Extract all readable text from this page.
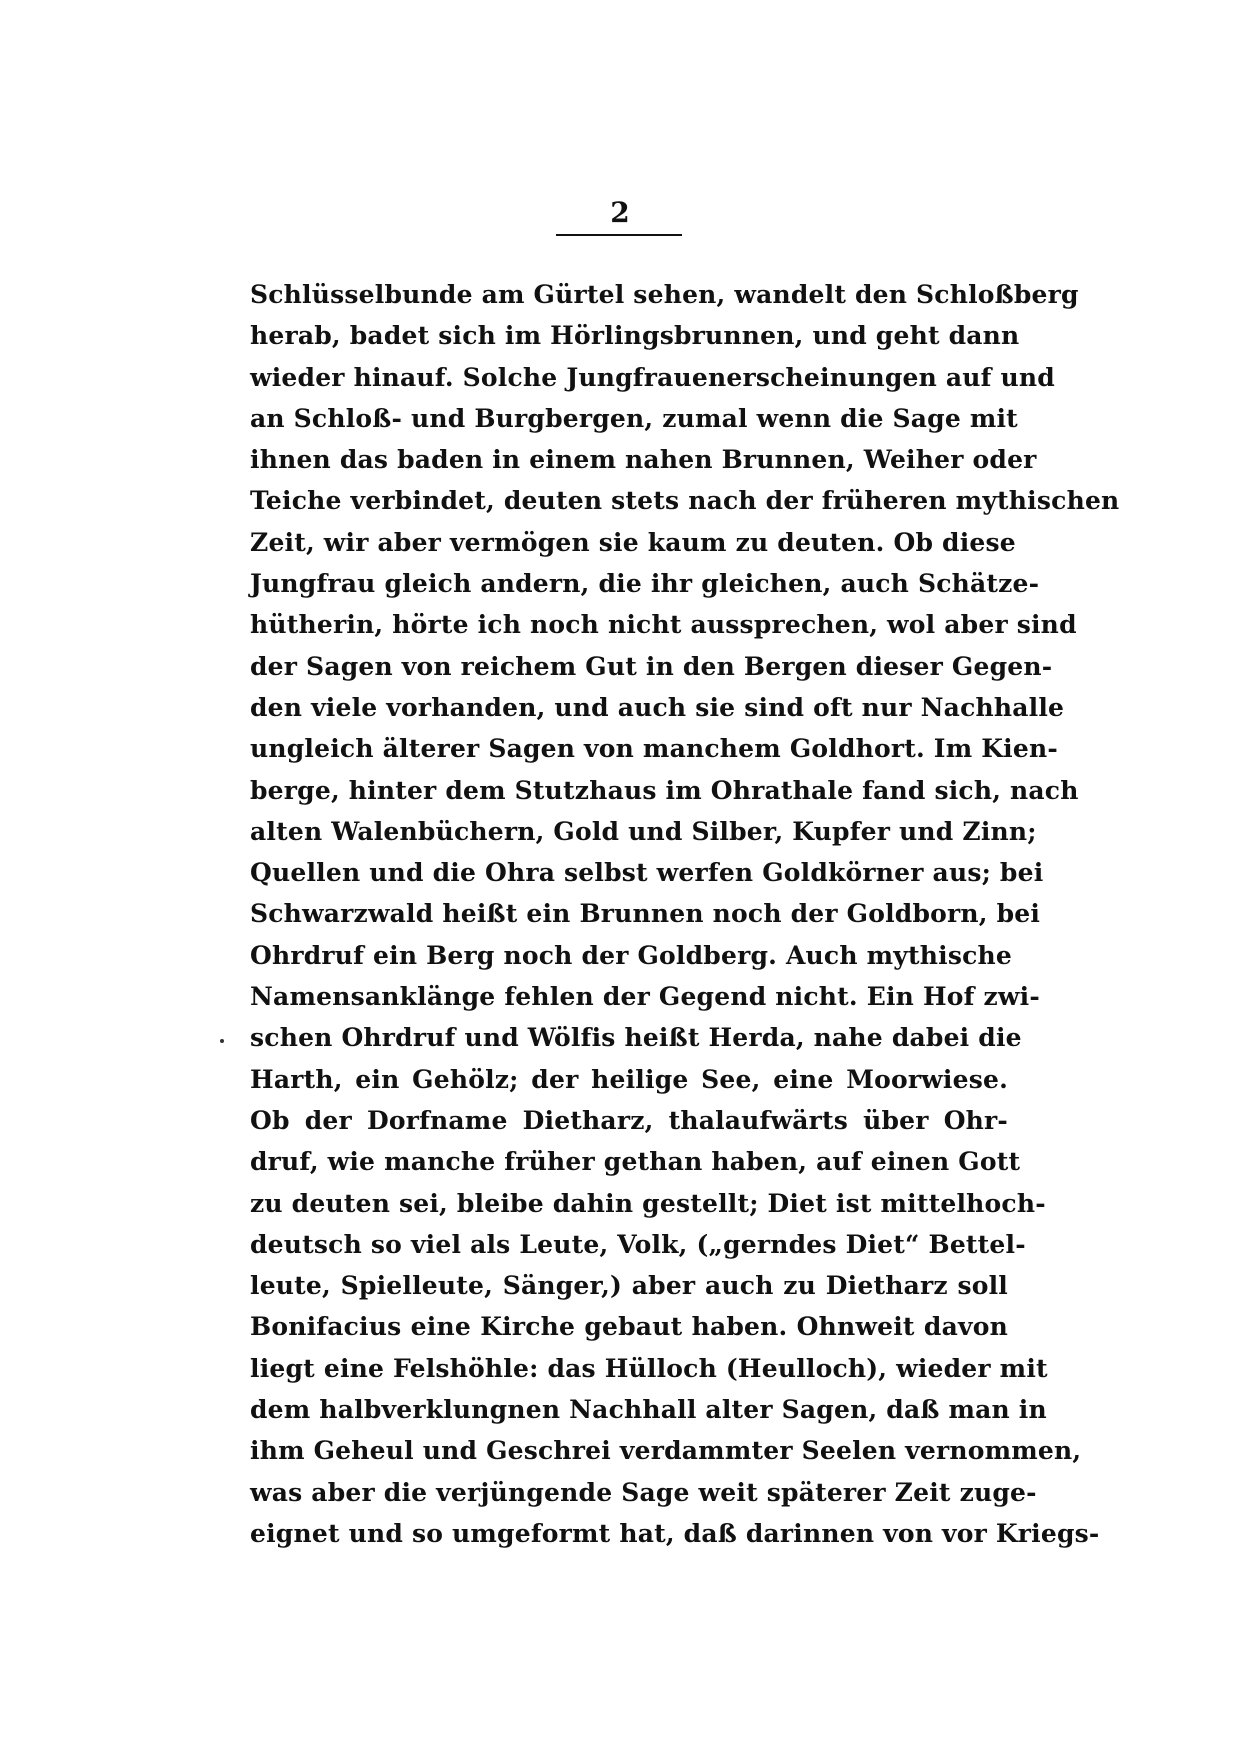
2
Schlüsselbunde am Gürtel sehen, wandelt den Schloßberg
herab, badet sich im Hörlingsbrunnen, und geht dann
wieder hinauf. Solche Jungfrauenerscheinungen auf und
an Schloß- und Burgbergen, zumal wenn die Sage mit
ihnen das baden in einem nahen Brunnen, Weiher oder
Teiche verbindet, deuten stets nach der früheren mythischen
Zeit, wir aber vermögen sie kaum zu deuten. Ob diese
Jungfrau gleich andern, die ihr gleichen, auch Schätze-
hütherin, hörte ich noch nicht aussprechen, wol aber sind
der Sagen von reichem Gut in den Bergen dieser Gegen-
den viele vorhanden, und auch sie sind oft nur Nachhalle
ungleich älterer Sagen von manchem Goldhort. Im Kien-
berge, hinter dem Stutzhaus im Ohrathale fand sich, nach
alten Walenbüchern, Gold und Silber, Kupfer und Zinn;
Quellen und die Ohra selbst werfen Goldkörner aus; bei
Schwarzwald heißt ein Brunnen noch der Goldborn, bei
Ohrdruf ein Berg noch der Goldberg. Auch mythische
Namensanklänge fehlen der Gegend nicht. Ein Hof zwi-
schen Ohrdruf und Wölfis heißt Herda, nahe dabei die
Harth, ein Gehölz; der heilige See, eine Moorwiese.
Ob der Dorfname Dietharz, thalaufwärts über Ohr-
druf, wie manche früher gethan haben, auf einen Gott
zu deuten sei, bleibe dahin gestellt; Diet ist mittelhoch-
deutsch so viel als Leute, Volk, („gerndes Diet“ Bettel-
leute, Spielleute, Sänger,) aber auch zu Dietharz soll
Bonifacius eine Kirche gebaut haben. Ohnweit davon
liegt eine Felshöhle: das Hülloch (Heulloch), wieder mit
dem halbverklungnen Nachhall alter Sagen, daß man in
ihm Geheul und Geschrei verdammter Seelen vernommen,
was aber die verjüngende Sage weit späterer Zeit zuge-
eignet und so umgeformt hat, daß darinnen von vor Kriegs-
